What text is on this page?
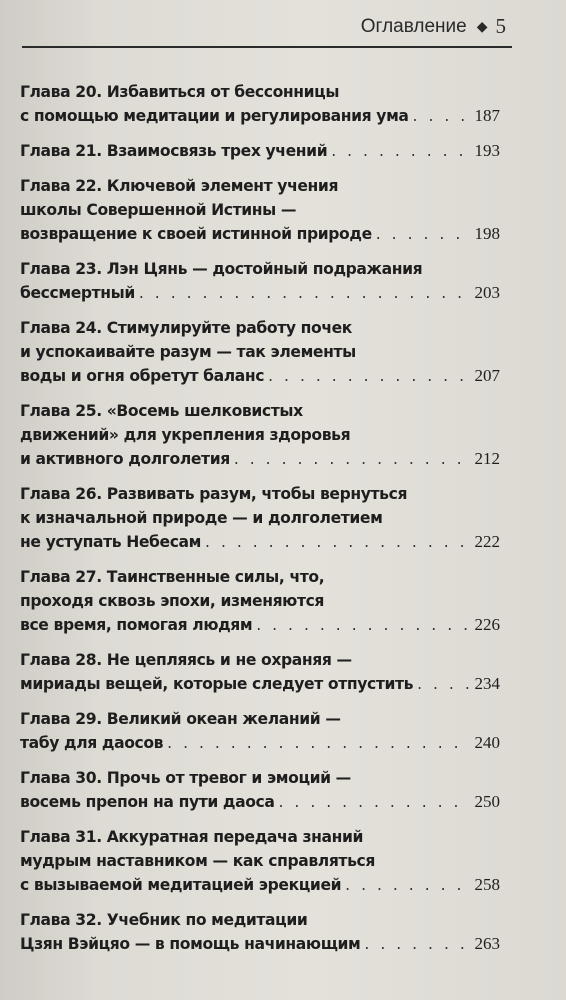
Оглавление ◆ 5
Глава 20. Избавиться от бессонницы
с помощью медитации и регулирования ума . . .	187
Глава 21. Взаимосвязь трех учений . . .	193
Глава 22. Ключевой элемент учения
школы Совершенной Истины —
возвращение к своей истинной природе . . .	198
Глава 23. Лэн Цянь — достойный подражания
бессмертный . . .	203
Глава 24. Стимулируйте работу почек
и успокаивайте разум — так элементы
воды и огня обретут баланс . . .	207
Глава 25. «Восемь шелковистых
движений» для укрепления здоровья
и активного долголетия . . .	212
Глава 26. Развивать разум, чтобы вернуться
к изначальной природе — и долголетием
не уступать Небесам . . .	222
Глава 27. Таинственные силы, что,
проходя сквозь эпохи, изменяются
все время, помогая людям . . .	226
Глава 28. Не цепляясь и не охраняя —
мириады вещей, которые следует отпустить . . .	234
Глава 29. Великий океан желаний —
табу для даосов . . .	240
Глава 30. Прочь от тревог и эмоций —
восемь препон на пути даоса . . .	250
Глава 31. Аккуратная передача знаний
мудрым наставником — как справляться
с вызываемой медитацией эрекцией . . .	258
Глава 32. Учебник по медитации
Цзян Вэйцяо — в помощь начинающим . . .	263
